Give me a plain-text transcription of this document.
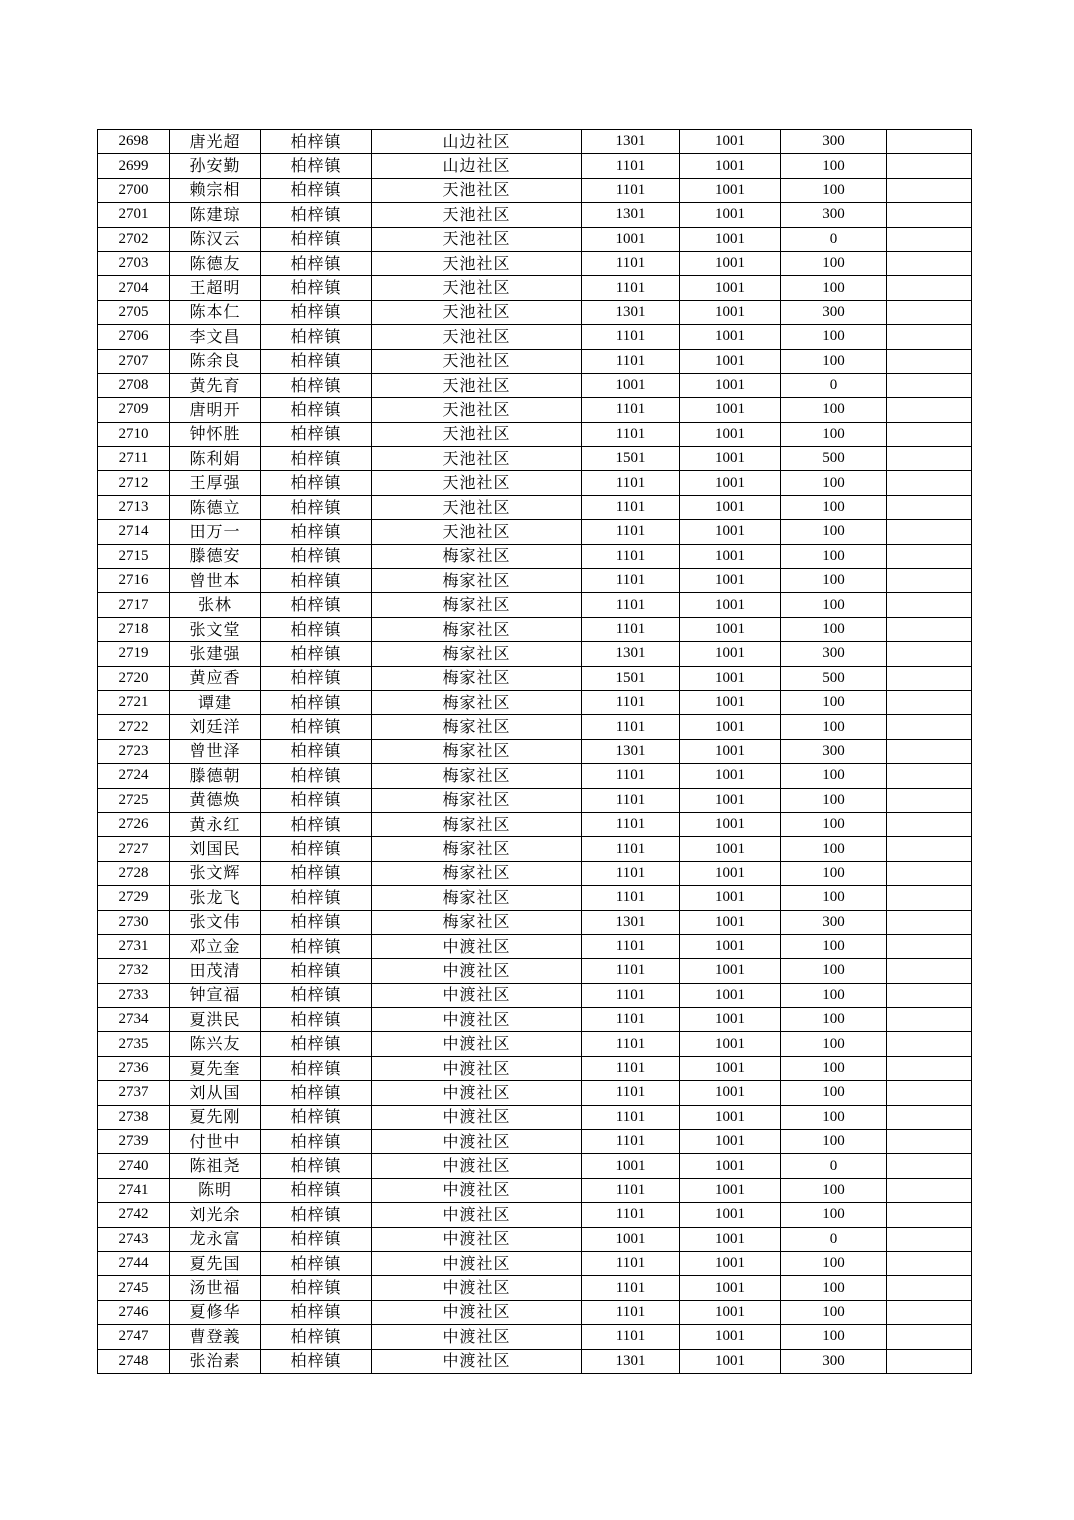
2698	唐光超	柏梓镇	山边社区	1301	1001	300	
2699	孙安勤	柏梓镇	山边社区	1101	1001	100	
2700	赖宗相	柏梓镇	天池社区	1101	1001	100	
2701	陈建琼	柏梓镇	天池社区	1301	1001	300	
2702	陈汉云	柏梓镇	天池社区	1001	1001	0	
2703	陈德友	柏梓镇	天池社区	1101	1001	100	
2704	王超明	柏梓镇	天池社区	1101	1001	100	
2705	陈本仁	柏梓镇	天池社区	1301	1001	300	
2706	李文昌	柏梓镇	天池社区	1101	1001	100	
2707	陈余良	柏梓镇	天池社区	1101	1001	100	
2708	黄先育	柏梓镇	天池社区	1001	1001	0	
2709	唐明开	柏梓镇	天池社区	1101	1001	100	
2710	钟怀胜	柏梓镇	天池社区	1101	1001	100	
2711	陈利娟	柏梓镇	天池社区	1501	1001	500	
2712	王厚强	柏梓镇	天池社区	1101	1001	100	
2713	陈德立	柏梓镇	天池社区	1101	1001	100	
2714	田万一	柏梓镇	天池社区	1101	1001	100	
2715	滕德安	柏梓镇	梅家社区	1101	1001	100	
2716	曾世本	柏梓镇	梅家社区	1101	1001	100	
2717	张林	柏梓镇	梅家社区	1101	1001	100	
2718	张文堂	柏梓镇	梅家社区	1101	1001	100	
2719	张建强	柏梓镇	梅家社区	1301	1001	300	
2720	黄应香	柏梓镇	梅家社区	1501	1001	500	
2721	谭建	柏梓镇	梅家社区	1101	1001	100	
2722	刘廷洋	柏梓镇	梅家社区	1101	1001	100	
2723	曾世泽	柏梓镇	梅家社区	1301	1001	300	
2724	滕德朝	柏梓镇	梅家社区	1101	1001	100	
2725	黄德焕	柏梓镇	梅家社区	1101	1001	100	
2726	黄永红	柏梓镇	梅家社区	1101	1001	100	
2727	刘国民	柏梓镇	梅家社区	1101	1001	100	
2728	张文辉	柏梓镇	梅家社区	1101	1001	100	
2729	张龙飞	柏梓镇	梅家社区	1101	1001	100	
2730	张文伟	柏梓镇	梅家社区	1301	1001	300	
2731	邓立金	柏梓镇	中渡社区	1101	1001	100	
2732	田茂清	柏梓镇	中渡社区	1101	1001	100	
2733	钟宣福	柏梓镇	中渡社区	1101	1001	100	
2734	夏洪民	柏梓镇	中渡社区	1101	1001	100	
2735	陈兴友	柏梓镇	中渡社区	1101	1001	100	
2736	夏先奎	柏梓镇	中渡社区	1101	1001	100	
2737	刘从国	柏梓镇	中渡社区	1101	1001	100	
2738	夏先刚	柏梓镇	中渡社区	1101	1001	100	
2739	付世中	柏梓镇	中渡社区	1101	1001	100	
2740	陈祖尧	柏梓镇	中渡社区	1001	1001	0	
2741	陈明	柏梓镇	中渡社区	1101	1001	100	
2742	刘光余	柏梓镇	中渡社区	1101	1001	100	
2743	龙永富	柏梓镇	中渡社区	1001	1001	0	
2744	夏先国	柏梓镇	中渡社区	1101	1001	100	
2745	汤世福	柏梓镇	中渡社区	1101	1001	100	
2746	夏修华	柏梓镇	中渡社区	1101	1001	100	
2747	曹登義	柏梓镇	中渡社区	1101	1001	100	
2748	张治素	柏梓镇	中渡社区	1301	1001	300	
